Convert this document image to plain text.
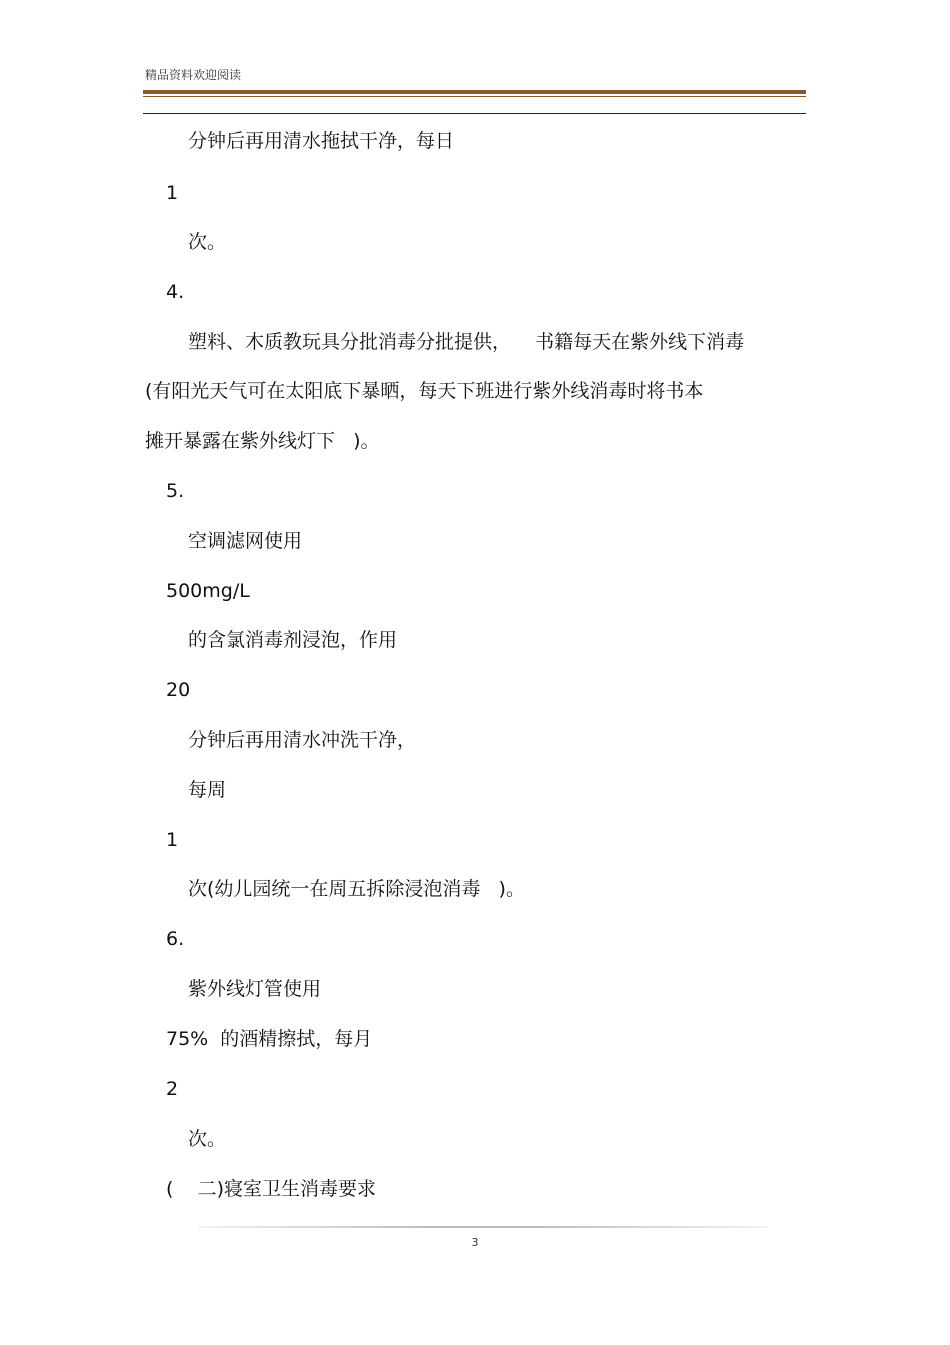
精品资料欢迎阅读
分钟后再用清水拖拭干净，每日
1
次。
4.
塑料、木质教玩具分批消毒分批提供，    书籍每天在紫外线下消毒
(有阳光天气可在太阳底下暴晒，每天下班进行紫外线消毒时将书本
摊开暴露在紫外线灯下   )。
5.
空调滤网使用
500mg/L
的含氯消毒剂浸泡，作用
20
分钟后再用清水冲洗干净，
每周
1
次(幼儿园统一在周五拆除浸泡消毒   )。
6.
紫外线灯管使用
75%  的酒精擦拭，每月
2
次。
(    二)寝室卫生消毒要求
3
